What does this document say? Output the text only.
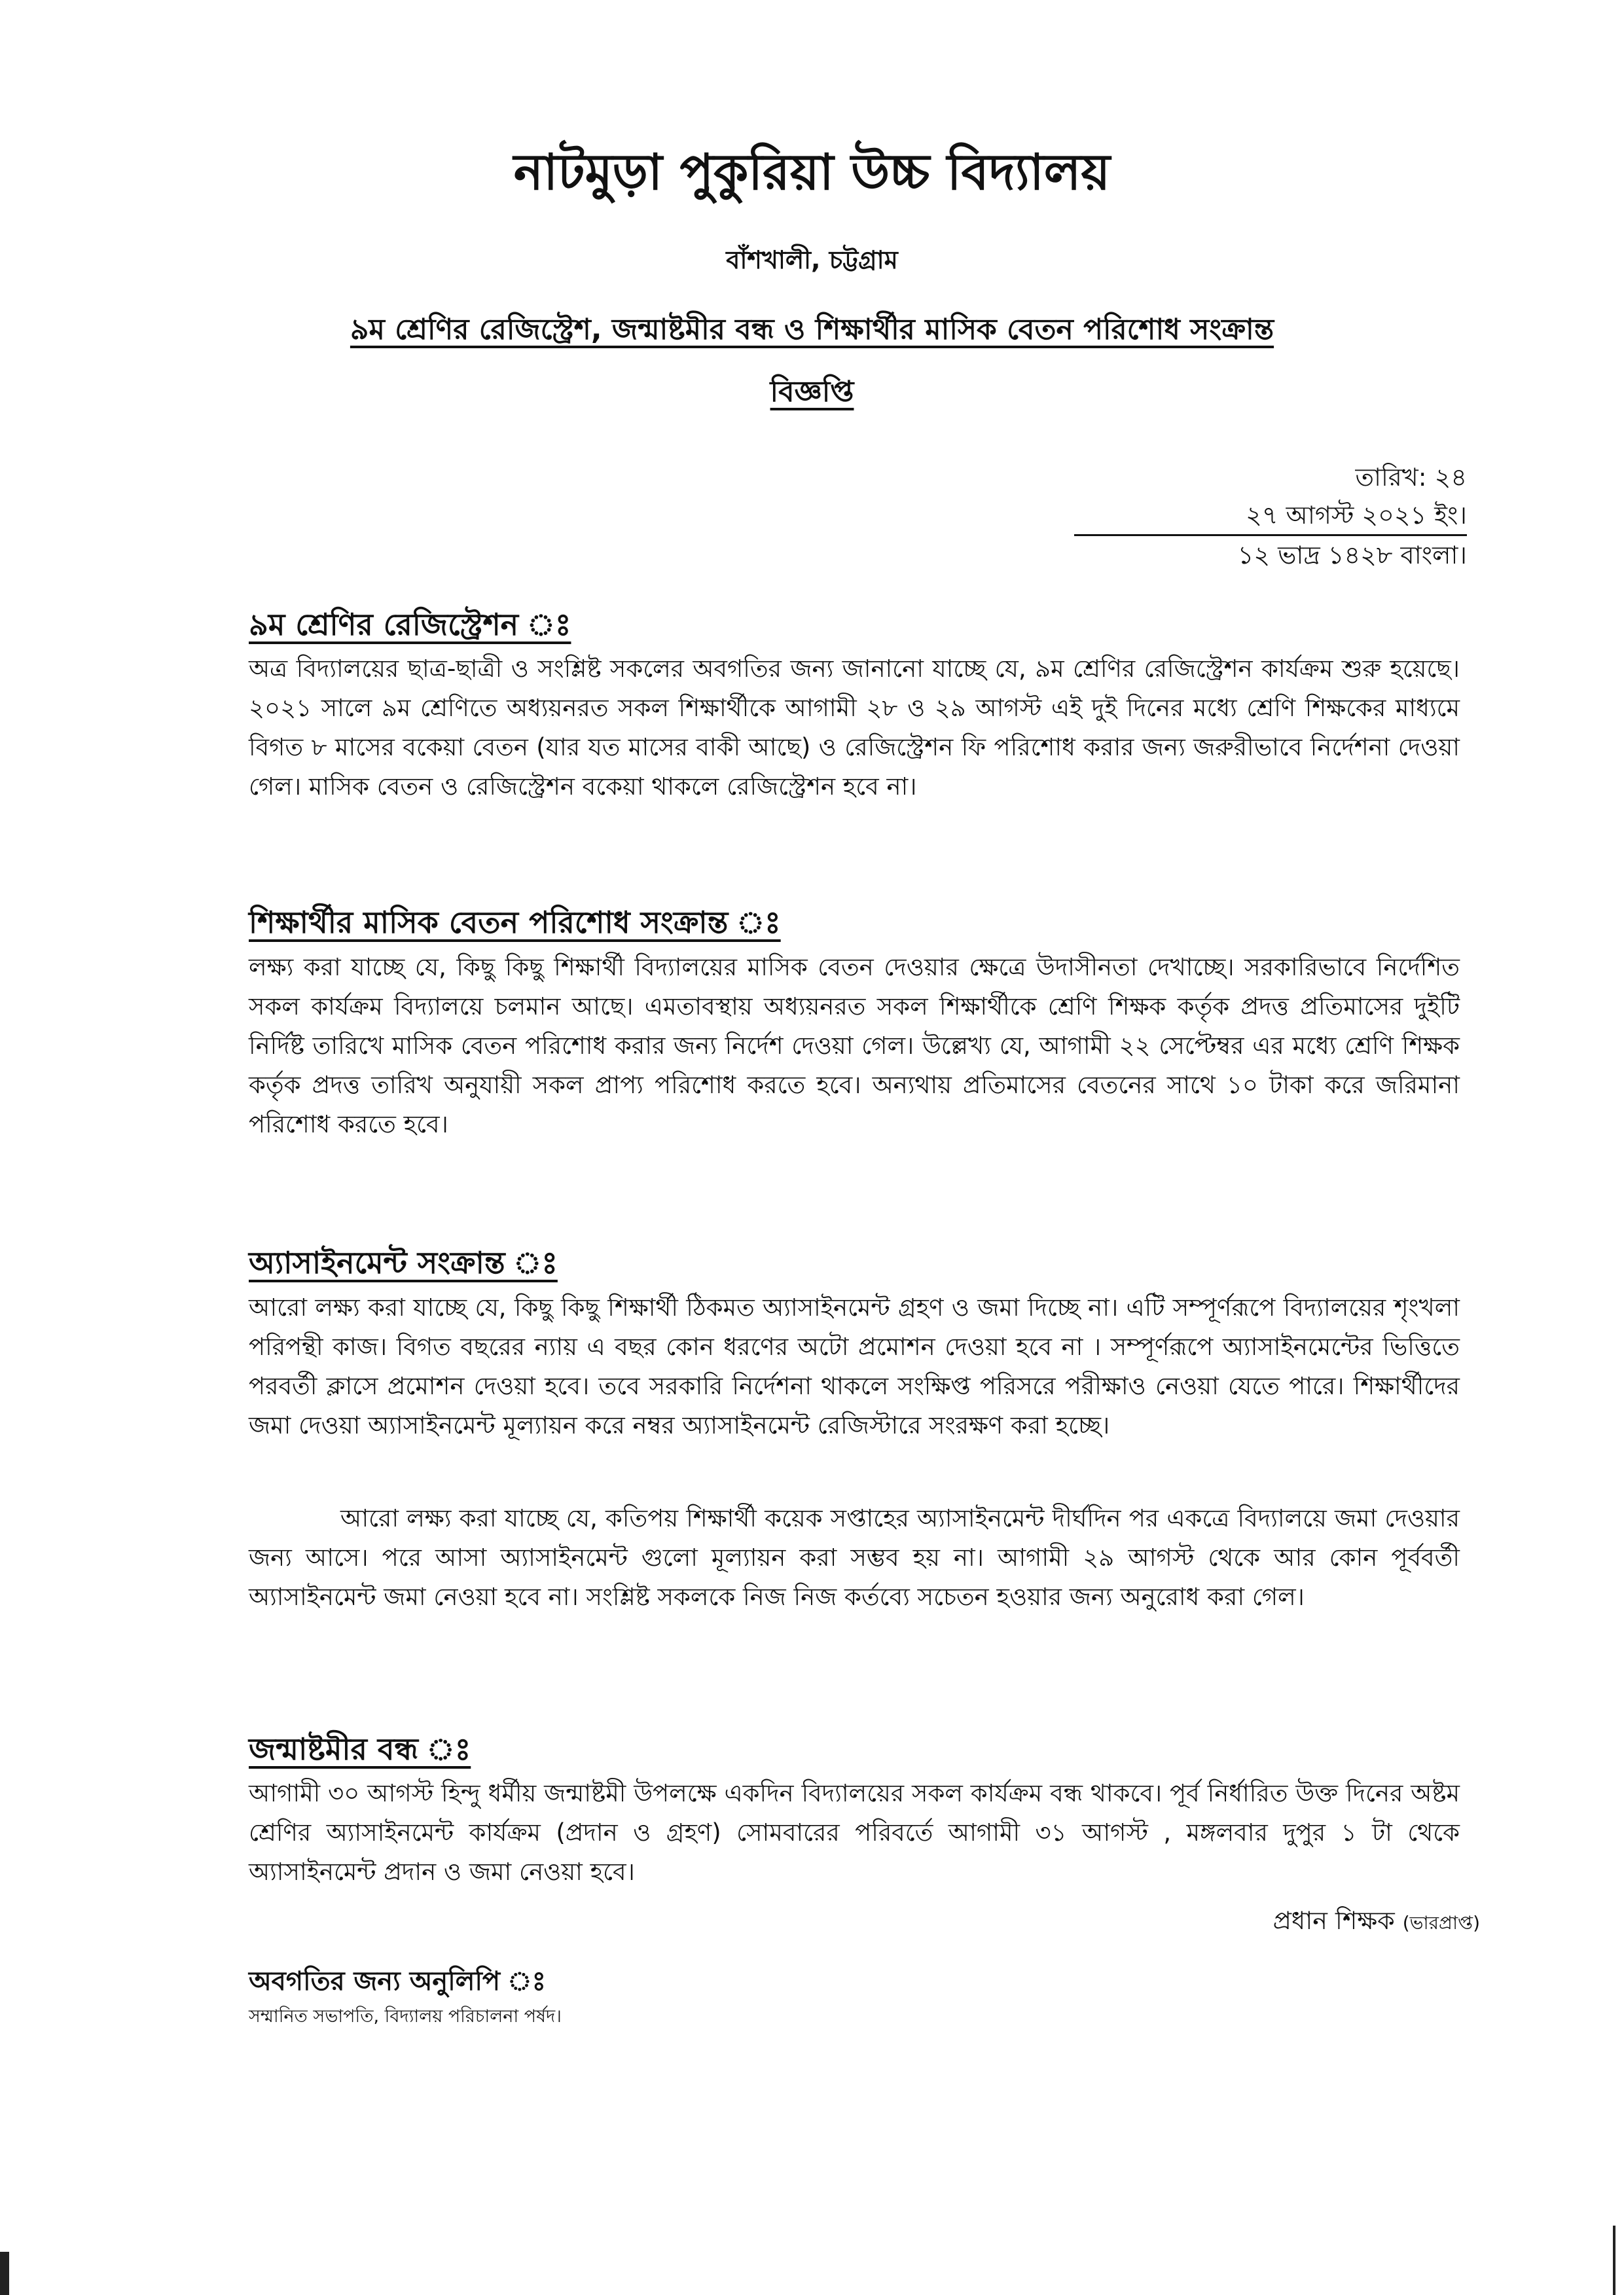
নাটমুড়া পুকুরিয়া উচ্চ বিদ্যালয়
বাঁশখালী, চট্টগ্রাম
৯ম শ্রেণির রেজিস্ট্রেশ, জন্মাষ্টমীর বন্ধ ও শিক্ষার্থীর মাসিক বেতন পরিশোধ সংক্রান্ত
বিজ্ঞপ্তি
তারিখ: ২৪
২৭ আগস্ট ২০২১ ইং।
১২ ভাদ্র ১৪২৮ বাংলা।
৯ম শ্রেণির রেজিস্ট্রেশন ঃ
অত্র বিদ্যালয়ের ছাত্র-ছাত্রী ও সংশ্লিষ্ট সকলের অবগতির জন্য জানানো যাচ্ছে যে, ৯ম শ্রেণির রেজিস্ট্রেশন কার্যক্রম শুরু হয়েছে। ২০২১ সালে ৯ম শ্রেণিতে অধ্যয়নরত সকল শিক্ষার্থীকে আগামী ২৮ ও ২৯ আগস্ট এই দুই দিনের মধ্যে শ্রেণি শিক্ষকের মাধ্যমে বিগত ৮ মাসের বকেয়া বেতন (যার যত মাসের বাকী আছে) ও রেজিস্ট্রেশন ফি পরিশোধ করার জন্য জরুরীভাবে নির্দেশনা দেওয়া গেল। মাসিক বেতন ও রেজিস্ট্রেশন বকেয়া থাকলে রেজিস্ট্রেশন হবে না।
শিক্ষার্থীর মাসিক বেতন পরিশোধ সংক্রান্ত ঃ
লক্ষ্য করা যাচ্ছে যে, কিছু কিছু শিক্ষার্থী বিদ্যালয়ের মাসিক বেতন দেওয়ার ক্ষেত্রে উদাসীনতা দেখাচ্ছে। সরকারিভাবে নির্দেশিত সকল কার্যক্রম বিদ্যালয়ে চলমান আছে। এমতাবস্থায় অধ্যয়নরত সকল শিক্ষার্থীকে শ্রেণি শিক্ষক কর্তৃক প্রদত্ত প্রতিমাসের দুইটি নির্দিষ্ট তারিখে মাসিক বেতন পরিশোধ করার জন্য নির্দেশ দেওয়া গেল। উল্লেখ্য যে, আগামী ২২ সেপ্টেম্বর এর মধ্যে শ্রেণি শিক্ষক কর্তৃক প্রদত্ত তারিখ অনুযায়ী সকল প্রাপ্য পরিশোধ করতে হবে। অন্যথায় প্রতিমাসের বেতনের সাথে ১০ টাকা করে জরিমানা পরিশোধ করতে হবে।
অ্যাসাইনমেন্ট সংক্রান্ত ঃ
আরো লক্ষ্য করা যাচ্ছে যে, কিছু কিছু শিক্ষার্থী ঠিকমত অ্যাসাইনমেন্ট গ্রহণ ও জমা দিচ্ছে না। এটি সম্পূর্ণরূপে বিদ্যালয়ের শৃংখলা পরিপন্থী কাজ। বিগত বছরের ন্যায় এ বছর কোন ধরণের অটো প্রমোশন দেওয়া হবে না । সম্পূর্ণরূপে অ্যাসাইনমেন্টের ভিত্তিতে পরবর্তী ক্লাসে প্রমোশন দেওয়া হবে। তবে সরকারি নির্দেশনা থাকলে সংক্ষিপ্ত পরিসরে পরীক্ষাও নেওয়া যেতে পারে। শিক্ষার্থীদের জমা দেওয়া অ্যাসাইনমেন্ট মূল্যায়ন করে নম্বর অ্যাসাইনমেন্ট রেজিস্টারে সংরক্ষণ করা হচ্ছে।
আরো লক্ষ্য করা যাচ্ছে যে, কতিপয় শিক্ষার্থী কয়েক সপ্তাহের অ্যাসাইনমেন্ট দীর্ঘদিন পর একত্রে বিদ্যালয়ে জমা দেওয়ার জন্য আসে। পরে আসা অ্যাসাইনমেন্ট গুলো মূল্যায়ন করা সম্ভব হয় না। আগামী ২৯ আগস্ট থেকে আর কোন পূর্ববর্তী অ্যাসাইনমেন্ট জমা নেওয়া হবে না। সংশ্লিষ্ট সকলকে নিজ নিজ কর্তব্যে সচেতন হওয়ার জন্য অনুরোধ করা গেল।
জন্মাষ্টমীর বন্ধ ঃ
আগামী ৩০ আগস্ট হিন্দু ধর্মীয় জন্মাষ্টমী উপলক্ষে একদিন বিদ্যালয়ের সকল কার্যক্রম বন্ধ থাকবে। পূর্ব নির্ধারিত উক্ত দিনের অষ্টম শ্রেণির অ্যাসাইনমেন্ট কার্যক্রম (প্রদান ও গ্রহণ) সোমবারের পরিবর্তে আগামী ৩১ আগস্ট , মঙ্গলবার দুপুর ১ টা থেকে অ্যাসাইনমেন্ট প্রদান ও জমা নেওয়া হবে।
প্রধান শিক্ষক (ভারপ্রাপ্ত)
অবগতির জন্য অনুলিপি ঃ
সম্মানিত সভাপতি, বিদ্যালয় পরিচালনা পর্ষদ।
